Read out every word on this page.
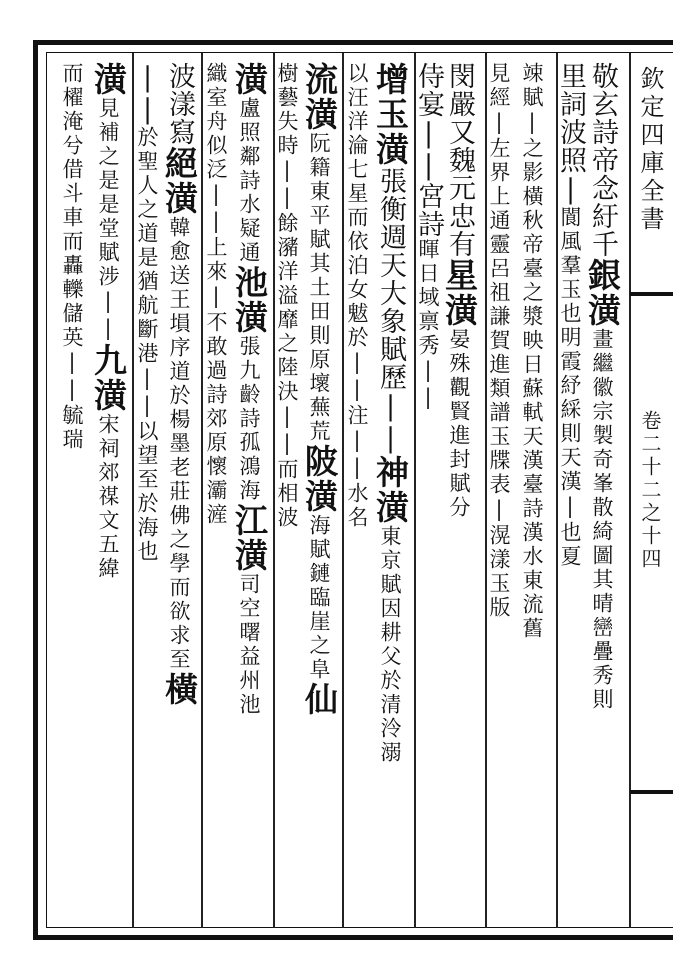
欽定四庫全書
卷二十二之十四
敬玄詩帝念紆千銀潢畫繼徽宗製奇峯散綺圖其晴巒疊秀則
里詞波照|閬風羣玉也明霞紓綵則天漢|也夏
竦賦|之影橫秋帝臺之漿映日蘇軾天漢臺詩漢水東流舊
見經|左界上通靈呂祖謙賀進類譜玉牒表|滉漾玉版
閔嚴又魏元忠有星潢晏殊觀賢進封賦分
侍宴||宮詩暉日域禀秀||
增玉潢張衡週天大象賦歷||神潢東京賦因耕父於清泠溺
以汪洋淪七星而依泊女魃於||注||水名
流潢阮籍東平賦其土田則原壞蕪荒陂潢海賦鏈臨崖之阜仙
樹藝失時||餘瀦洋溢靡之陸決||而相波
潢盧照鄰詩水疑通池潢張九齡詩孤鴻海江潢司空曙益州池
織室舟似泛||上來|不敢過詩郊原懷灞滻
波漾寫絕潢韓愈送王塤序道於楊墨老莊佛之學而欲求至橫
||於聖人之道是猶航斷港||以望至於海也
潢見補之是是堂賦涉||九潢宋祠郊禖文五緯
而櫂淹兮借斗車而轟轢儲英||毓瑞
